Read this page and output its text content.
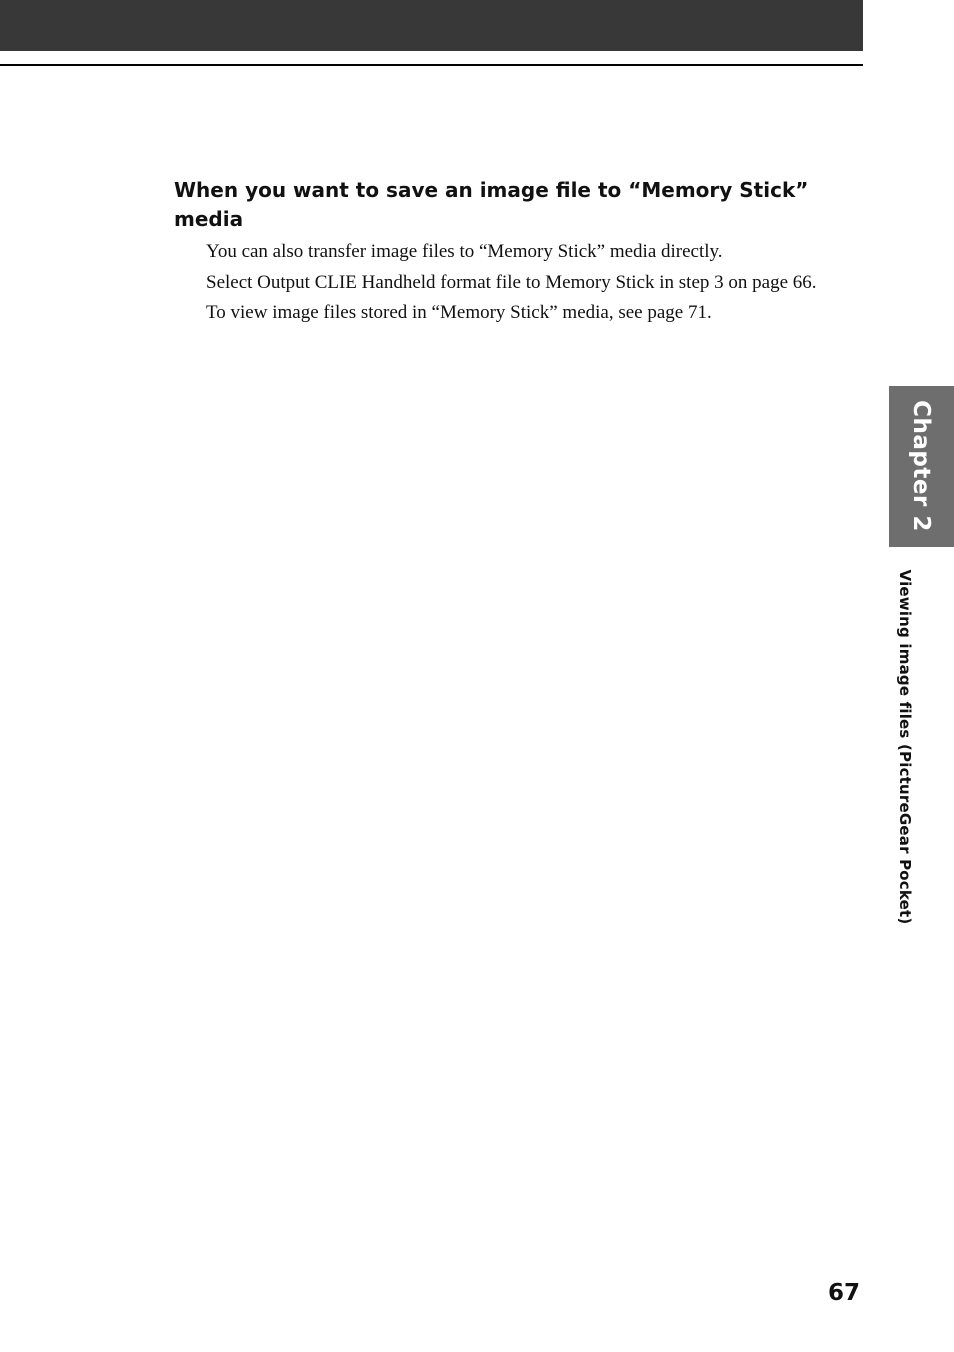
When you want to save an image file to “Memory Stick” media

You can also transfer image files to “Memory Stick” media directly.

Select Output CLIE Handheld format file to Memory Stick in step 3 on page 66.

To view image files stored in “Memory Stick” media, see page 71.

Chapter 2
Viewing image files (PictureGear Pocket)
67
